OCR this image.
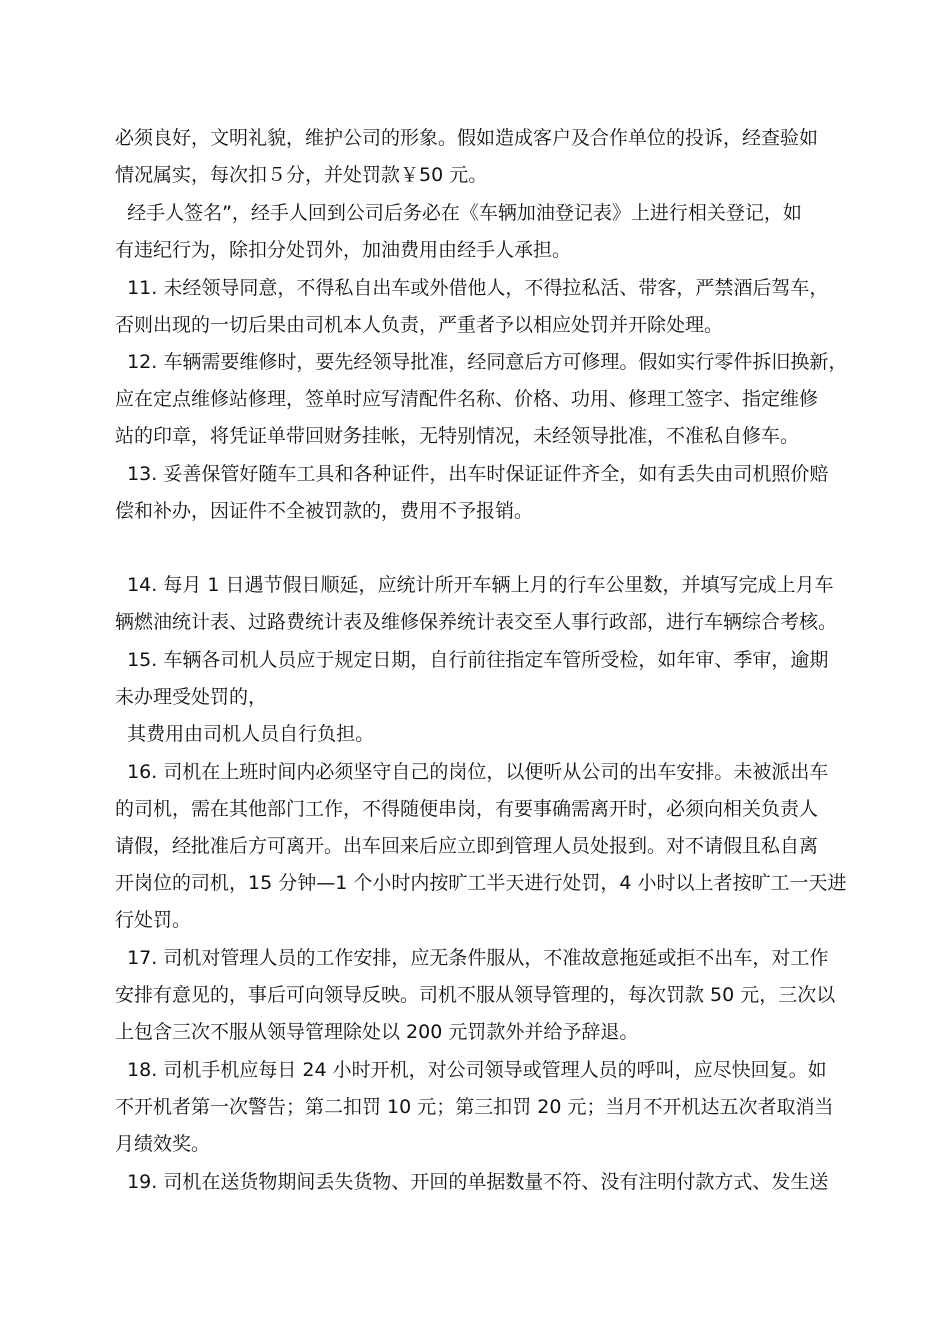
必须良好，文明礼貌，维护公司的形象。假如造成客户及合作单位的投诉，经查验如
情况属实，每次扣５分，并处罚款￥50 元。
经手人签名”，经手人回到公司后务必在《车辆加油登记表》上进行相关登记，如
有违纪行为，除扣分处罚外，加油费用由经手人承担。
11. 未经领导同意，不得私自出车或外借他人，不得拉私活、带客，严禁酒后驾车，
否则出现的一切后果由司机本人负责，严重者予以相应处罚并开除处理。
12. 车辆需要维修时，要先经领导批准，经同意后方可修理。假如实行零件拆旧换新，
应在定点维修站修理，签单时应写清配件名称、价格、功用、修理工签字、指定维修
站的印章，将凭证单带回财务挂帐，无特别情况，未经领导批准，不准私自修车。
13. 妥善保管好随车工具和各种证件，出车时保证证件齐全，如有丢失由司机照价赔
偿和补办，因证件不全被罚款的，费用不予报销。
14. 每月 1 日遇节假日顺延，应统计所开车辆上月的行车公里数，并填写完成上月车
辆燃油统计表、过路费统计表及维修保养统计表交至人事行政部，进行车辆综合考核。
15. 车辆各司机人员应于规定日期，自行前往指定车管所受检，如年审、季审，逾期
未办理受处罚的，
其费用由司机人员自行负担。
16. 司机在上班时间内必须坚守自己的岗位，以便听从公司的出车安排。未被派出车
的司机，需在其他部门工作，不得随便串岗，有要事确需离开时，必须向相关负责人
请假，经批准后方可离开。出车回来后应立即到管理人员处报到。对不请假且私自离
开岗位的司机，15 分钟—1 个小时内按旷工半天进行处罚，4 小时以上者按旷工一天进
行处罚。
17. 司机对管理人员的工作安排，应无条件服从，不准故意拖延或拒不出车，对工作
安排有意见的，事后可向领导反映。司机不服从领导管理的，每次罚款 50 元，三次以
上包含三次不服从领导管理除处以 200 元罚款外并给予辞退。
18. 司机手机应每日 24 小时开机，对公司领导或管理人员的呼叫，应尽快回复。如
不开机者第一次警告；第二扣罚 10 元；第三扣罚 20 元；当月不开机达五次者取消当
月绩效奖。
19. 司机在送货物期间丢失货物、开回的单据数量不符、没有注明付款方式、发生送
